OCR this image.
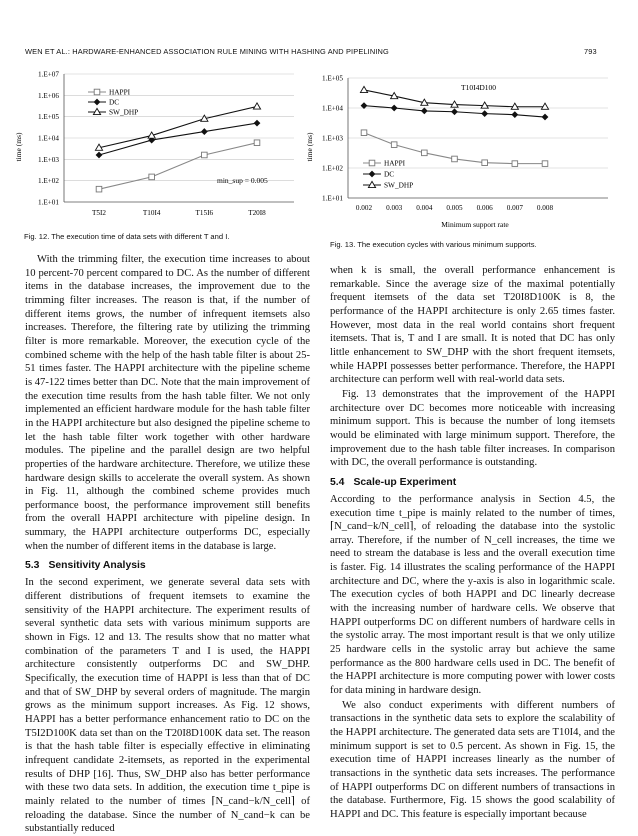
WEN ET AL.: HARDWARE-ENHANCED ASSOCIATION RULE MINING WITH HASHING AND PIPELINING	793
1.E+01
1.E+02
1.E+03
1.E+04
1.E+05
1.E+06
1.E+07
T5I2	T10I4	T15I6	T20I8
HAPPI
DC
SW_DHP
time (ms)
min_sup = 0.005
Fig. 12. The execution time of data sets with different T and I.
1.E+01
1.E+02
1.E+03
1.E+04
1.E+05
0.002 0.003 0.004 0.005 0.006 0.007 0.008
HAPPI
DC
SW_DHP
time (ms)
T10I4D100
Minimum support rate
Fig. 13. The execution cycles with various minimum supports.

With the trimming filter, the execution time increases to about 10 percent-70 percent compared to DC. As the number of different items in the database increases, the improvement due to the trimming filter increases. The reason is that, if the number of different items grows, the number of infrequent itemsets also increases. Therefore, the filtering rate by utilizing the trimming filter is more remarkable. Moreover, the execution cycle of the combined scheme with the help of the hash table filter is about 25-51 times faster. The HAPPI architecture with the pipeline scheme is 47-122 times better than DC. Note that the main improvement of the execution time results from the hash table filter. We not only implemented an efficient hardware module for the hash table filter in the HAPPI architecture but also designed the pipeline scheme to let the hash table filter work together with other hardware modules. The pipeline and the parallel design are two helpful properties of the hardware architecture. Therefore, we utilize these hardware design skills to accelerate the overall system. As shown in Fig. 11, although the combined scheme provides much performance boost, the performance improvement still benefits from the overall HAPPI architecture with pipeline design. In summary, the HAPPI architecture outperforms DC, especially when the number of different items in the database is large.

5.3 Sensitivity Analysis

In the second experiment, we generate several data sets with different distributions of frequent itemsets to examine the sensitivity of the HAPPI architecture. The experiment results of several synthetic data sets with various minimum supports are shown in Figs. 12 and 13. The results show that no matter what combination of the parameters T and I is used, the HAPPI architecture consistently outperforms DC and SW_DHP. Specifically, the execution time of HAPPI is less than that of DC and that of SW_DHP by several orders of magnitude. The margin grows as the minimum support increases. As Fig. 12 shows, HAPPI has a better performance enhancement ratio to DC on the T5I2D100K data set than on the T20I8D100K data set. The reason is that the hash table filter is especially effective in eliminating infrequent candidate 2-itemsets, as reported in the experimental results of DHP [16]. Thus, SW_DHP also has better performance with these two data sets. In addition, the execution time t_pipe is mainly related to the number of times ⌈N_cand−k/N_cell⌉ of reloading the database. Since the number of N_cand−k can be substantially reduced

when k is small, the overall performance enhancement is remarkable. Since the average size of the maximal potentially frequent itemsets of the data set T20I8D100K is 8, the performance of the HAPPI architecture is only 2.65 times faster. However, most data in the real world contains short frequent itemsets. That is, T and I are small. It is noted that DC has only little enhancement to SW_DHP with the short frequent itemsets, while HAPPI possesses better performance. Therefore, the HAPPI architecture can perform well with real-world data sets.

Fig. 13 demonstrates that the improvement of the HAPPI architecture over DC becomes more noticeable with increasing minimum support. This is because the number of long itemsets would be eliminated with large minimum support. Therefore, the improvement due to the hash table filter increases. In comparison with DC, the overall performance is outstanding.

5.4 Scale-up Experiment

According to the performance analysis in Section 4.5, the execution time t_pipe is mainly related to the number of times, ⌈N_cand−k/N_cell⌉, of reloading the database into the systolic array. Therefore, if the number of N_cell increases, the time we need to stream the database is less and the overall execution time is faster. Fig. 14 illustrates the scaling performance of the HAPPI architecture and DC, where the y-axis is also in logarithmic scale. The execution cycles of both HAPPI and DC linearly decrease with the increasing number of hardware cells. We observe that HAPPI outperforms DC on different numbers of hardware cells in the systolic array. The most important result is that we only utilize 25 hardware cells in the systolic array but achieve the same performance as the 800 hardware cells used in DC. The benefit of the HAPPI architecture is more computing power with lower costs for data mining in hardware design.

We also conduct experiments with different numbers of transactions in the synthetic data sets to explore the scalability of the HAPPI architecture. The generated data sets are T10I4, and the minimum support is set to 0.5 percent. As shown in Fig. 15, the execution time of HAPPI increases linearly as the number of transactions in the synthetic data sets increases. The performance of HAPPI outperforms DC on different numbers of transactions in the database. Furthermore, Fig. 15 shows the good scalability of HAPPI and DC. This feature is especially important because
